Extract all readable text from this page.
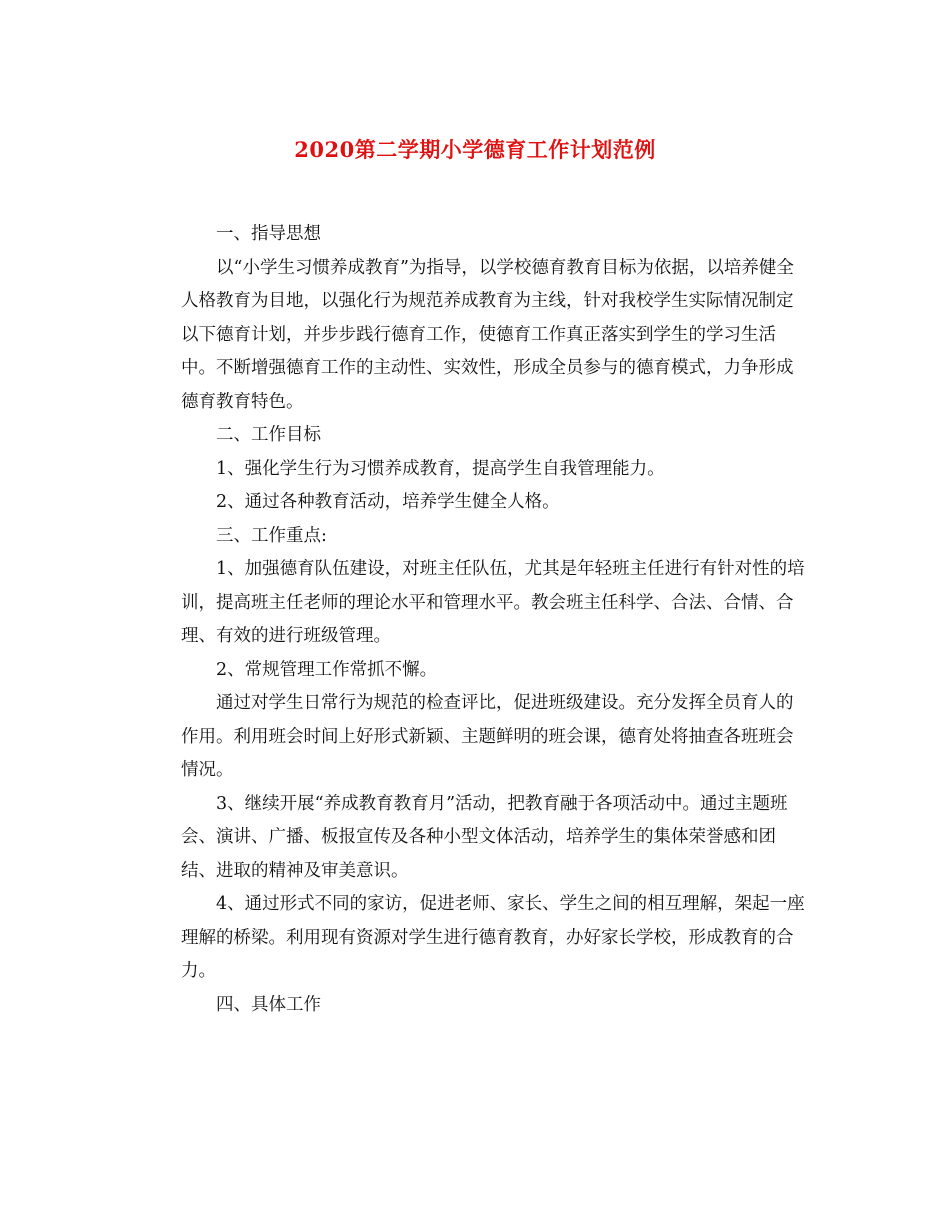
2020第二学期小学德育工作计划范例
一、指导思想
以“小学生习惯养成教育”为指导，以学校德育教育目标为依据，以培养健全
人格教育为目地，以强化行为规范养成教育为主线，针对我校学生实际情况制定
以下德育计划，并步步践行德育工作，使德育工作真正落实到学生的学习生活
中。不断增强德育工作的主动性、实效性，形成全员参与的德育模式，力争形成
德育教育特色。
二、工作目标
1、强化学生行为习惯养成教育，提高学生自我管理能力。
2、通过各种教育活动，培养学生健全人格。
三、工作重点:
1、加强德育队伍建设，对班主任队伍，尤其是年轻班主任进行有针对性的培
训，提高班主任老师的理论水平和管理水平。教会班主任科学、合法、合情、合
理、有效的进行班级管理。
2、常规管理工作常抓不懈。
通过对学生日常行为规范的检查评比，促进班级建设。充分发挥全员育人的
作用。利用班会时间上好形式新颖、主题鲜明的班会课，德育处将抽查各班班会
情况。
3、继续开展“养成教育教育月”活动，把教育融于各项活动中。通过主题班
会、演讲、广播、板报宣传及各种小型文体活动，培养学生的集体荣誉感和团
结、进取的精神及审美意识。
4、通过形式不同的家访，促进老师、家长、学生之间的相互理解，架起一座
理解的桥梁。利用现有资源对学生进行德育教育，办好家长学校，形成教育的合
力。
四、具体工作
